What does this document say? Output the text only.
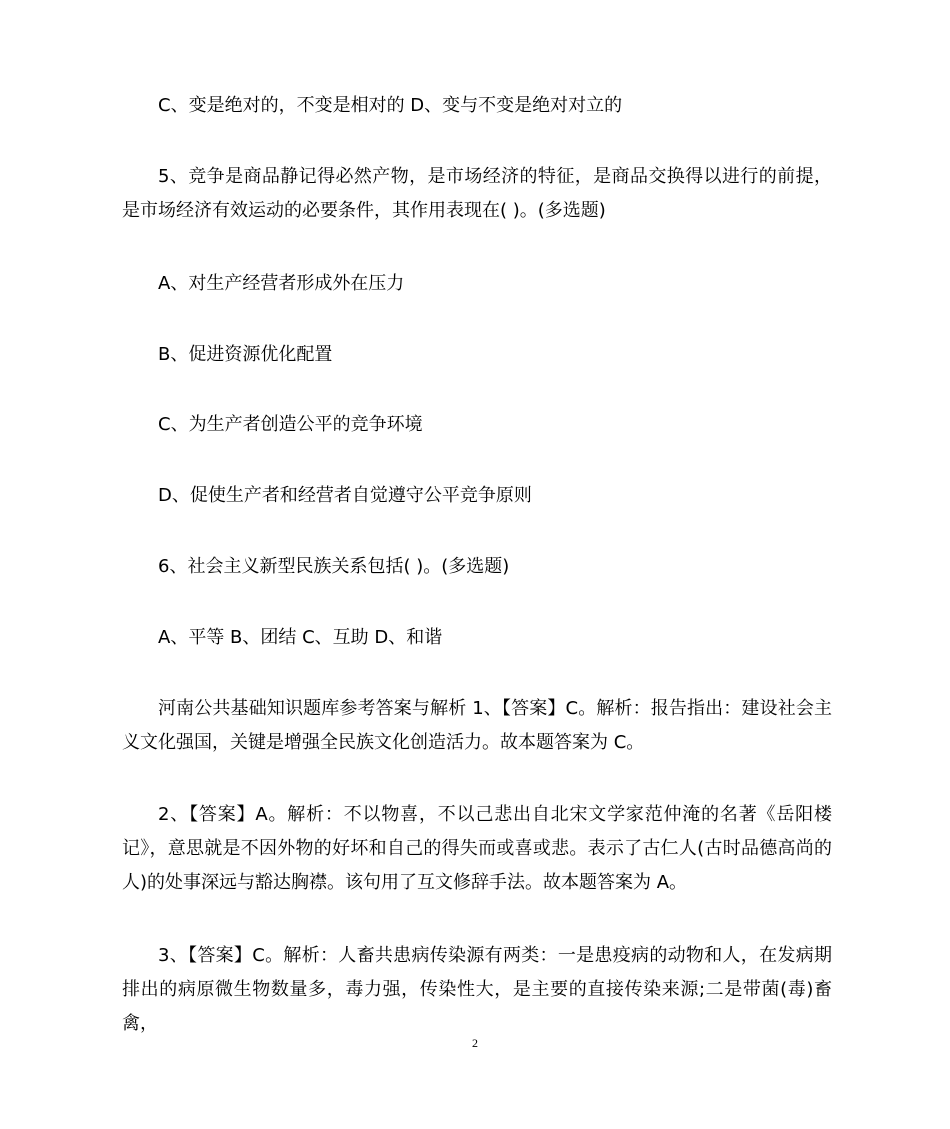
C、变是绝对的，不变是相对的 D、变与不变是绝对对立的
5、竞争是商品静记得必然产物，是市场经济的特征，是商品交换得以进行的前提，是市场经济有效运动的必要条件，其作用表现在( )。(多选题)
A、对生产经营者形成外在压力
B、促进资源优化配置
C、为生产者创造公平的竞争环境
D、促使生产者和经营者自觉遵守公平竞争原则
6、社会主义新型民族关系包括( )。(多选题)
A、平等 B、团结 C、互助 D、和谐
河南公共基础知识题库参考答案与解析 1、【答案】C。解析：报告指出：建设社会主义文化强国，关键是增强全民族文化创造活力。故本题答案为 C。
2、【答案】A。解析：不以物喜，不以己悲出自北宋文学家范仲淹的名著《岳阳楼记》，意思就是不因外物的好坏和自己的得失而或喜或悲。表示了古仁人(古时品德高尚的人)的处事深远与豁达胸襟。该句用了互文修辞手法。故本题答案为 A。
3、【答案】C。解析：人畜共患病传染源有两类：一是患疫病的动物和人，在发病期排出的病原微生物数量多，毒力强，传染性大，是主要的直接传染来源;二是带菌(毒)畜禽，
2
